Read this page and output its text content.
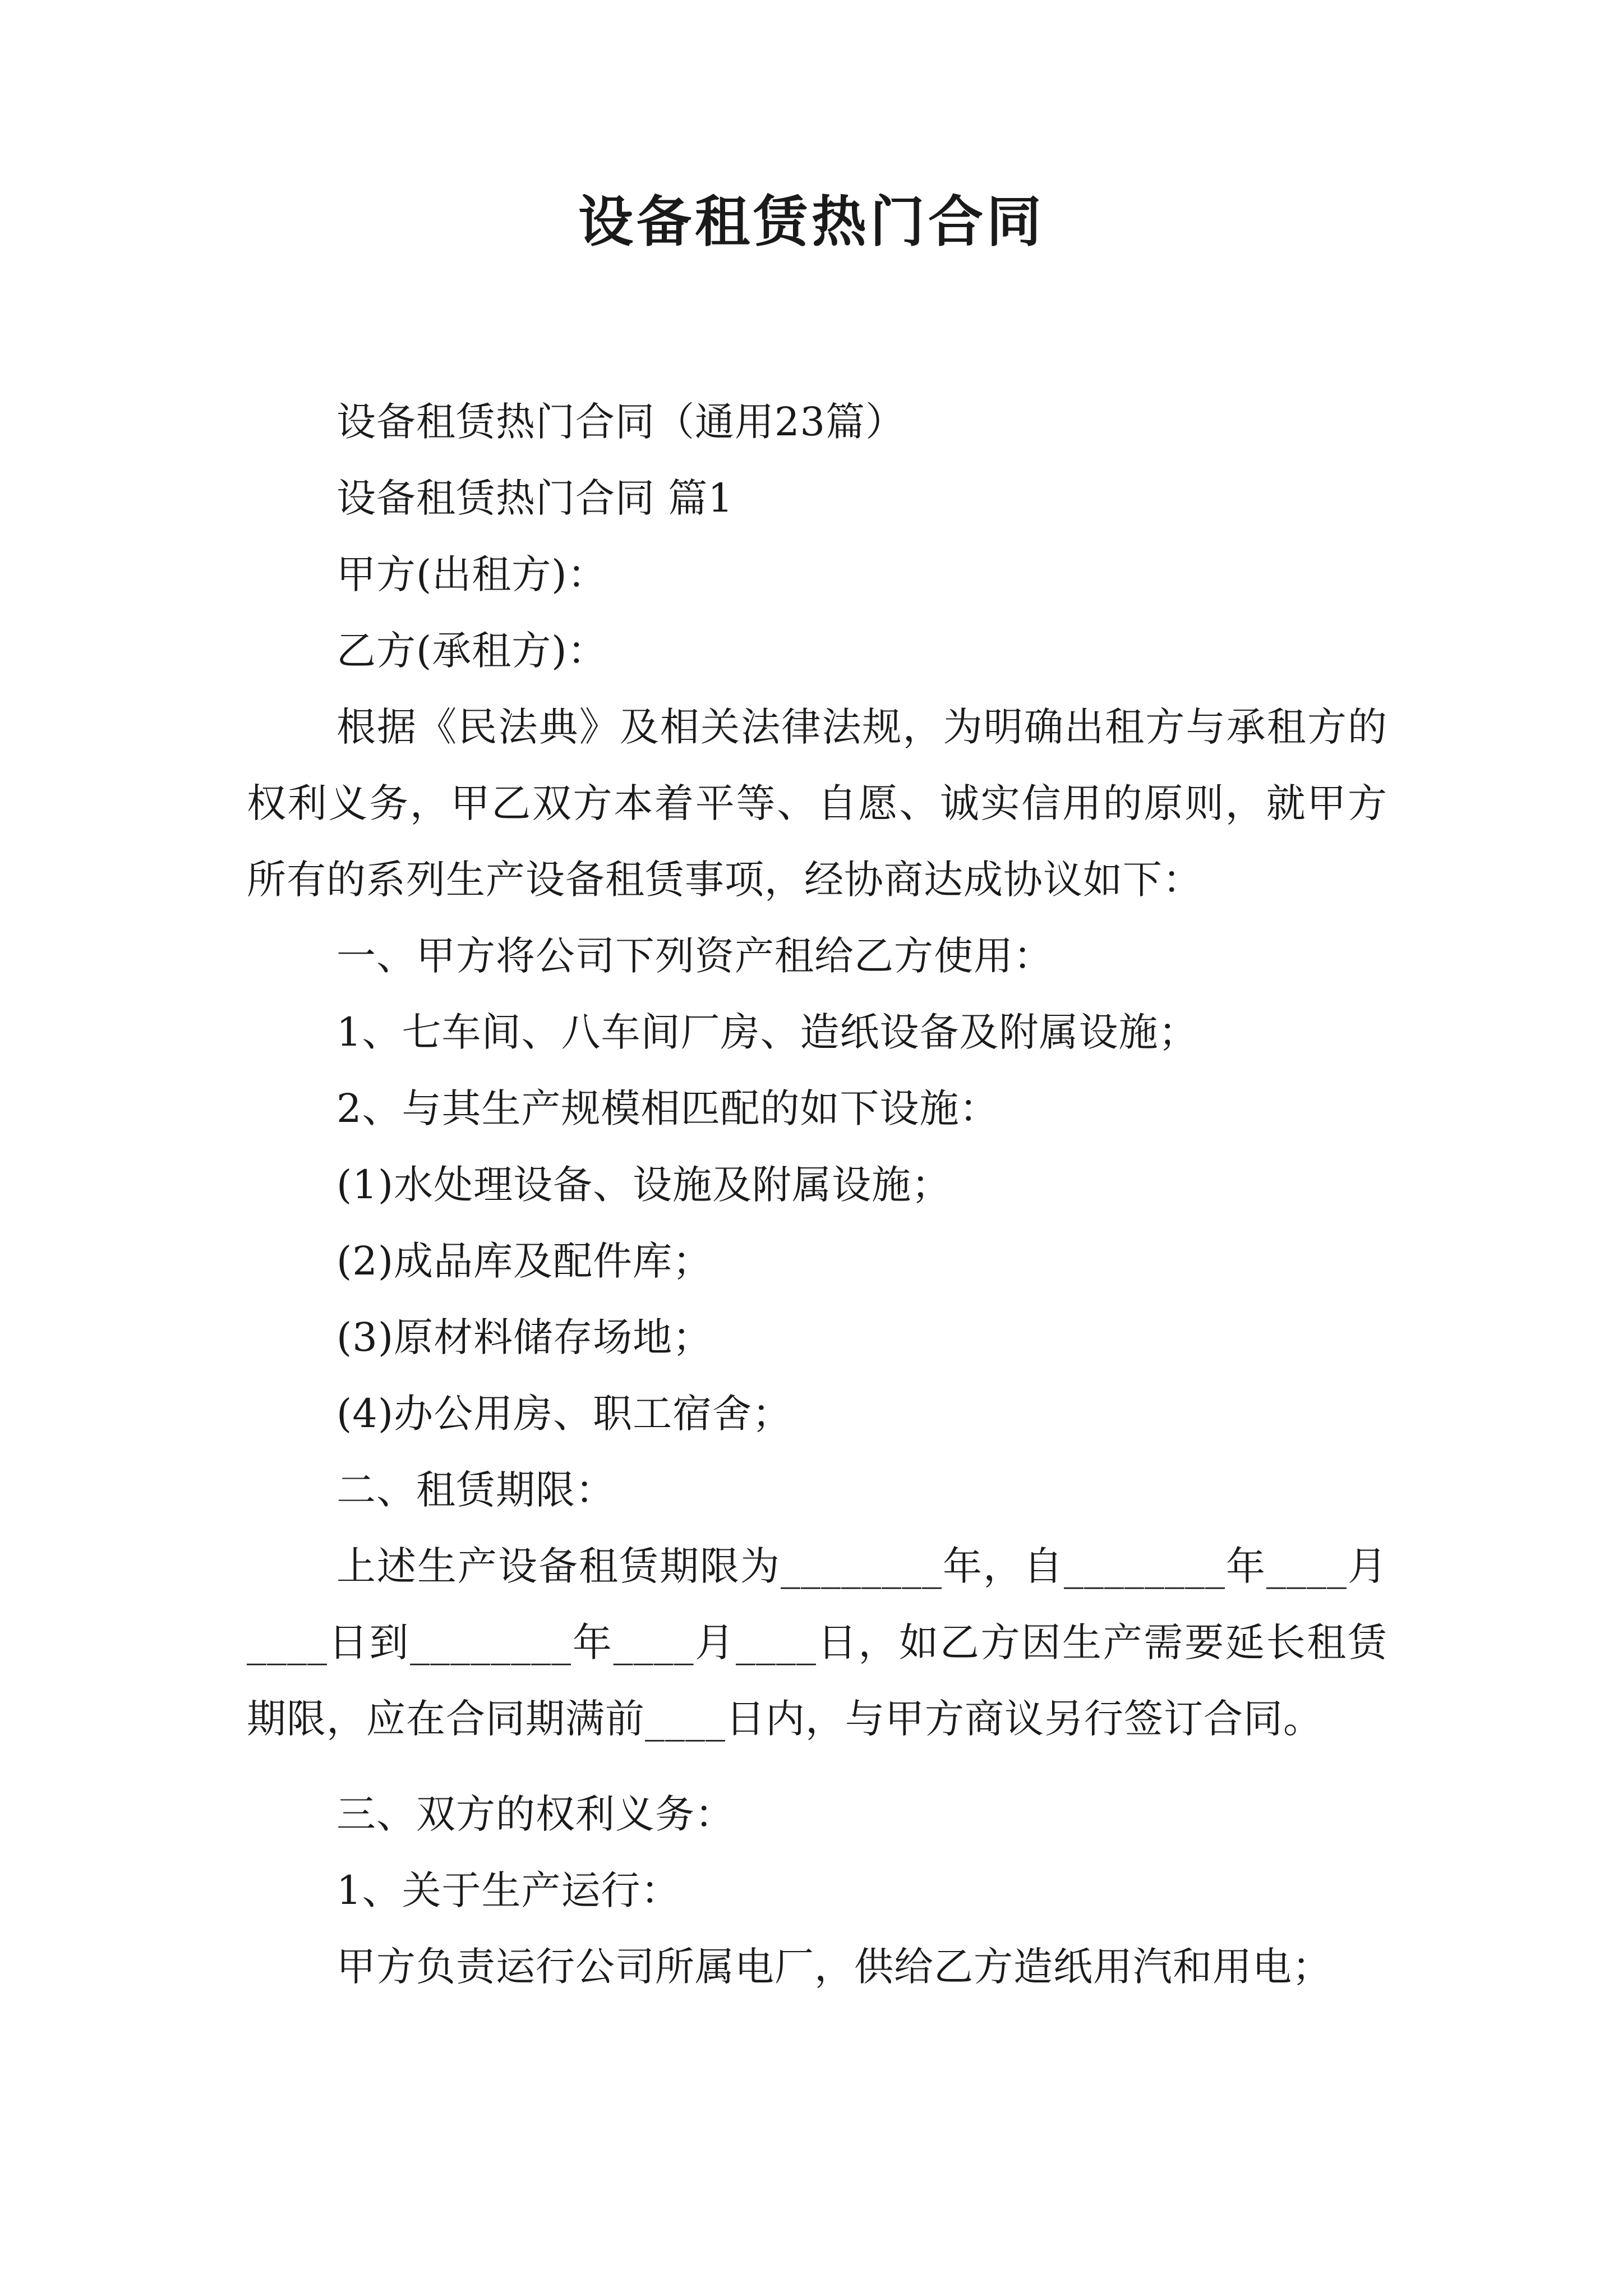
设备租赁热门合同

设备租赁热门合同（通用23篇）

设备租赁热门合同 篇1

甲方(出租方)：

乙方(承租方)：

根据《民法典》及相关法律法规，为明确出租方与承租方的权利义务，甲乙双方本着平等、自愿、诚实信用的原则，就甲方所有的系列生产设备租赁事项，经协商达成协议如下：

一、甲方将公司下列资产租给乙方使用：

1、七车间、八车间厂房、造纸设备及附属设施；

2、与其生产规模相匹配的如下设施：

(1)水处理设备、设施及附属设施；

(2)成品库及配件库；

(3)原材料储存场地；

(4)办公用房、职工宿舍；

二、租赁期限：

上述生产设备租赁期限为________年，自________年____月____日到________年____月____日，如乙方因生产需要延长租赁期限，应在合同期满前____日内，与甲方商议另行签订合同。

三、双方的权利义务：

1、关于生产运行：

甲方负责运行公司所属电厂，供给乙方造纸用汽和用电；
